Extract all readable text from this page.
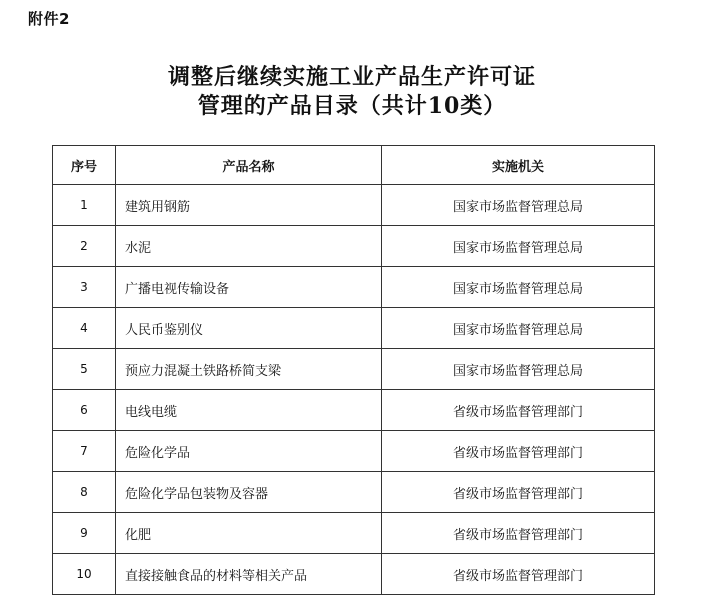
附件2
调整后继续实施工业产品生产许可证
管理的产品目录（共计10类）
序号	产品名称	实施机关
1	建筑用钢筋	国家市场监督管理总局
2	水泥	国家市场监督管理总局
3	广播电视传输设备	国家市场监督管理总局
4	人民币鉴别仪	国家市场监督管理总局
5	预应力混凝土铁路桥简支梁	国家市场监督管理总局
6	电线电缆	省级市场监督管理部门
7	危险化学品	省级市场监督管理部门
8	危险化学品包装物及容器	省级市场监督管理部门
9	化肥	省级市场监督管理部门
10	直接接触食品的材料等相关产品	省级市场监督管理部门
